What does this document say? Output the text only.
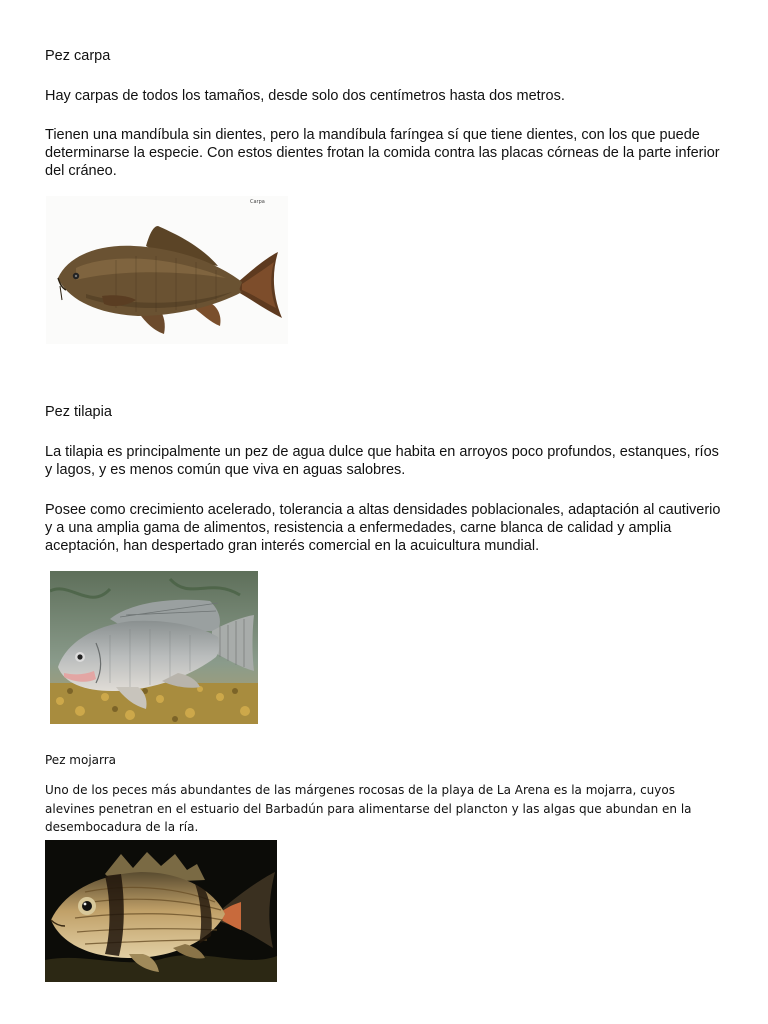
Pez carpa

Hay carpas de todos los tamaños, desde solo dos centímetros hasta dos metros.

Tienen una mandíbula sin dientes, pero la mandíbula faríngea sí que tiene dientes, con los que puede determinarse la especie. Con estos dientes frotan la comida contra las placas córneas de la parte inferior del cráneo.

Carpa

Pez tilapia

La tilapia es principalmente un pez de agua dulce que habita en arroyos poco profundos, estanques, ríos y lagos, y es menos común que viva en aguas salobres.

Posee como crecimiento acelerado, tolerancia a altas densidades poblacionales, adaptación al cautiverio y a una amplia gama de alimentos, resistencia a enfermedades, carne blanca de calidad y amplia aceptación, han despertado gran interés comercial en la acuicultura mundial.

Pez mojarra

Uno de los peces más abundantes de las márgenes rocosas de la playa de La Arena es la mojarra, cuyos alevines penetran en el estuario del Barbadún para alimentarse del plancton y las algas que abundan en la desembocadura de la ría.
